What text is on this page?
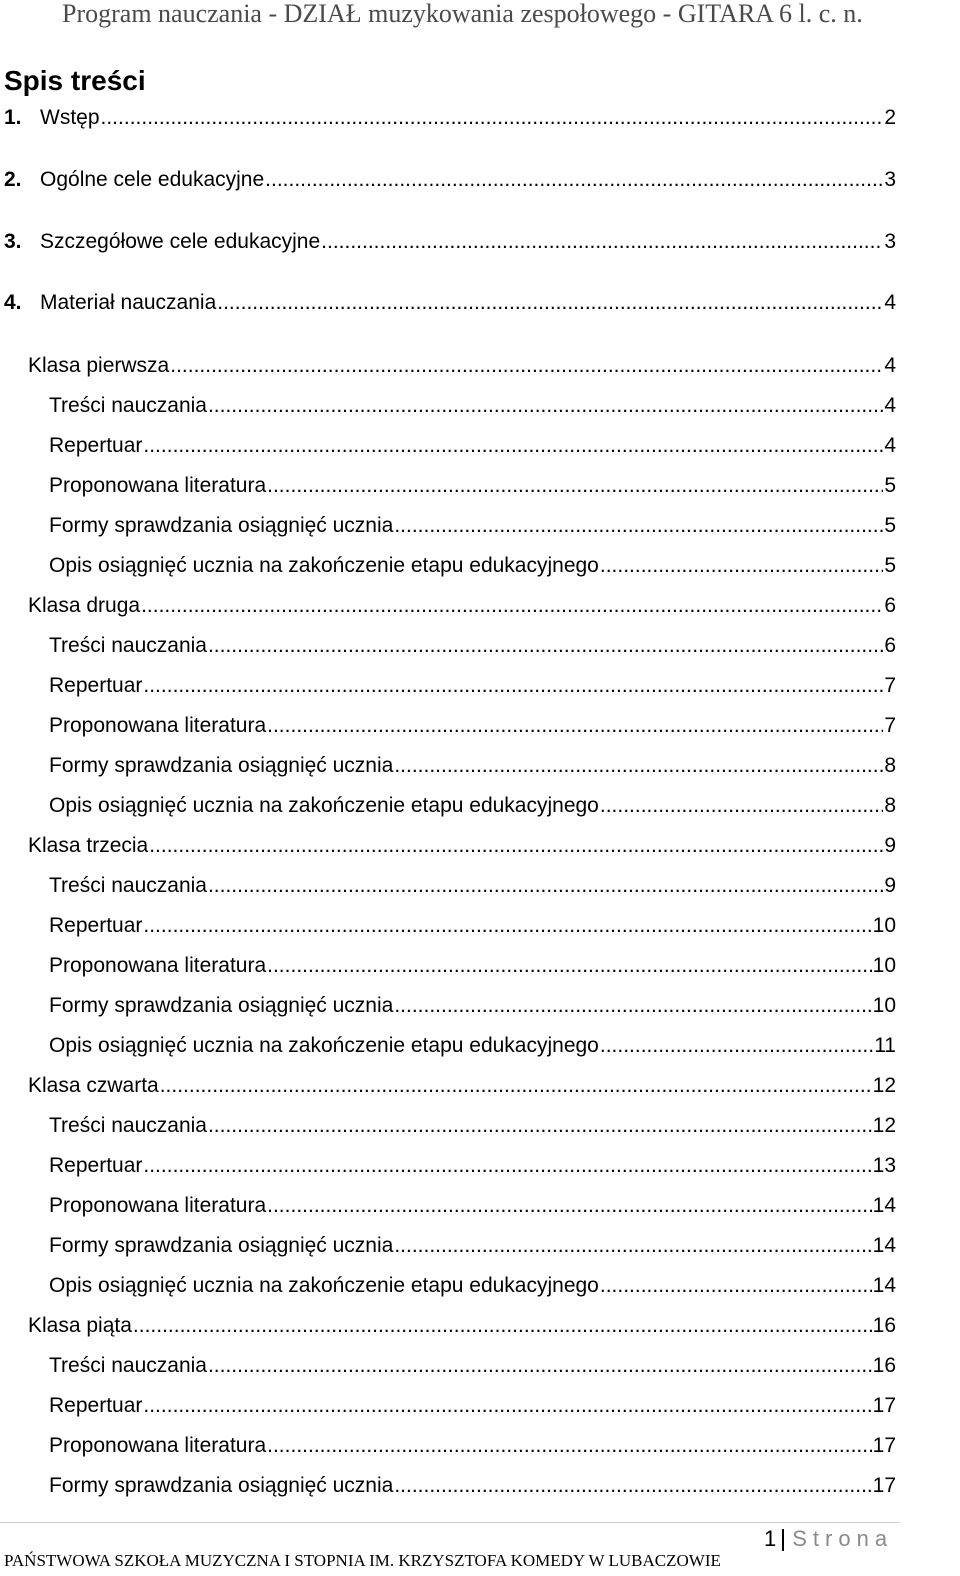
Program nauczania - DZIAŁ muzykowania zespołowego - GITARA 6 l. c. n.
Spis treści
1. Wstęp .....	2
2. Ogólne cele edukacyjne .....	3
3. Szczegółowe cele edukacyjne .....	3
4. Materiał nauczania .....	4
Klasa pierwsza .....	4
Treści nauczania .....	4
Repertuar .....	4
Proponowana literatura .....	5
Formy sprawdzania osiągnięć ucznia .....	5
Opis osiągnięć ucznia na zakończenie etapu edukacyjnego .....	5
Klasa druga .....	6
Treści nauczania .....	6
Repertuar .....	7
Proponowana literatura .....	7
Formy sprawdzania osiągnięć ucznia .....	8
Opis osiągnięć ucznia na zakończenie etapu edukacyjnego .....	8
Klasa trzecia .....	9
Treści nauczania .....	9
Repertuar .....	10
Proponowana literatura .....	10
Formy sprawdzania osiągnięć ucznia .....	10
Opis osiągnięć ucznia na zakończenie etapu edukacyjnego .....	11
Klasa czwarta .....	12
Treści nauczania .....	12
Repertuar .....	13
Proponowana literatura .....	14
Formy sprawdzania osiągnięć ucznia .....	14
Opis osiągnięć ucznia na zakończenie etapu edukacyjnego .....	14
Klasa piąta .....	16
Treści nauczania .....	16
Repertuar .....	17
Proponowana literatura .....	17
Formy sprawdzania osiągnięć ucznia .....	17
1 Strona
PAŃSTWOWA SZKOŁA MUZYCZNA I STOPNIA IM. KRZYSZTOFA KOMEDY W LUBACZOWIE
